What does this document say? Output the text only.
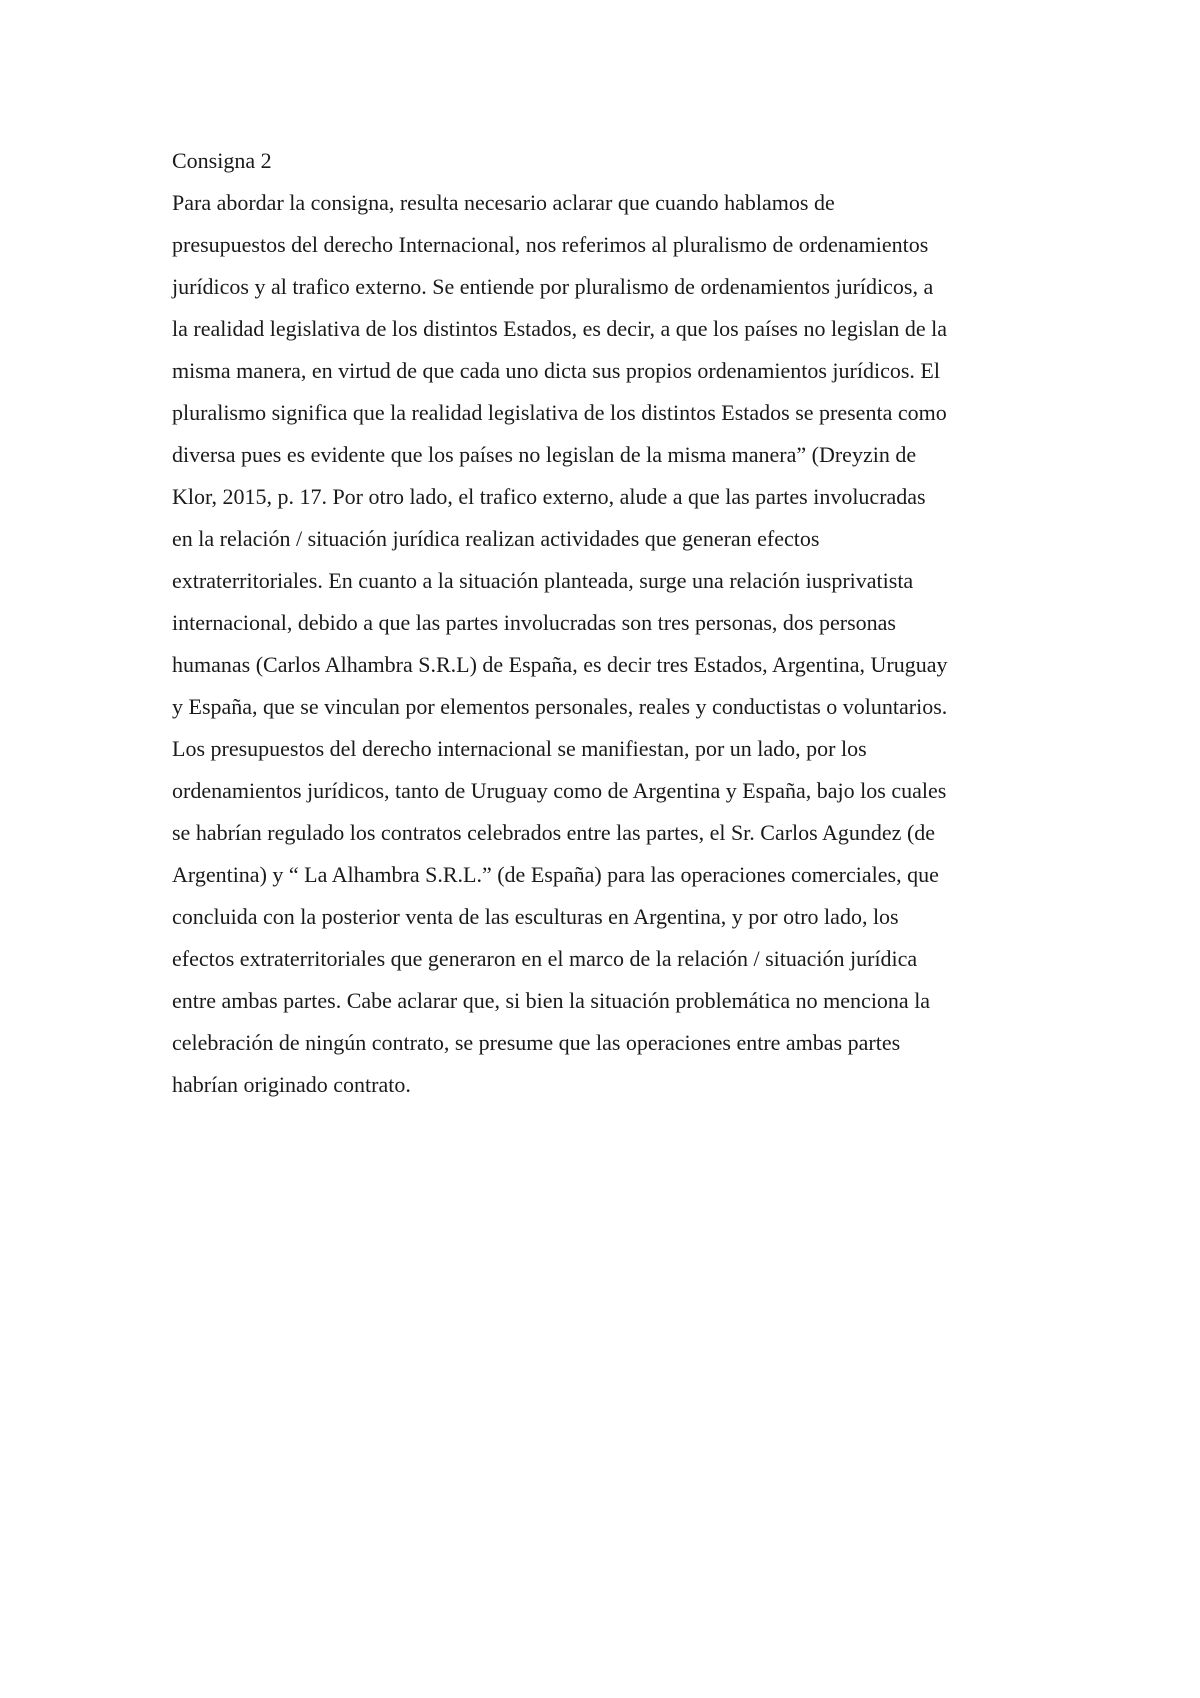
Consigna 2
Para abordar la consigna, resulta necesario aclarar que cuando hablamos de
presupuestos del derecho Internacional, nos referimos al pluralismo de ordenamientos
jurídicos y al trafico externo. Se entiende por pluralismo de ordenamientos jurídicos, a
la realidad legislativa de los distintos Estados, es decir, a que los países no legislan de la
misma manera, en virtud de que cada uno dicta sus propios ordenamientos jurídicos. El
pluralismo significa que la realidad legislativa de los distintos Estados se presenta como
diversa pues es evidente que los países no legislan de la misma manera” (Dreyzin de
Klor, 2015, p. 17. Por otro lado, el trafico externo, alude a que las partes involucradas
en la relación / situación jurídica realizan actividades que generan efectos
extraterritoriales. En cuanto a la situación planteada, surge una relación iusprivatista
internacional, debido a que las partes involucradas son tres personas, dos personas
humanas (Carlos Alhambra S.R.L) de España, es decir tres Estados, Argentina, Uruguay
y España, que se vinculan por elementos personales, reales y conductistas o voluntarios.
Los presupuestos del derecho internacional se manifiestan, por un lado, por los
ordenamientos jurídicos, tanto de Uruguay como de Argentina y España, bajo los cuales
se habrían regulado los contratos celebrados entre las partes, el Sr. Carlos Agundez (de
Argentina) y “ La Alhambra S.R.L.” (de España) para las operaciones comerciales, que
concluida con la posterior venta de las esculturas en Argentina, y por otro lado, los
efectos extraterritoriales que generaron en el marco de la relación / situación jurídica
entre ambas partes. Cabe aclarar que, si bien la situación problemática no menciona la
celebración de ningún contrato, se presume que las operaciones entre ambas partes
habrían originado contrato.
